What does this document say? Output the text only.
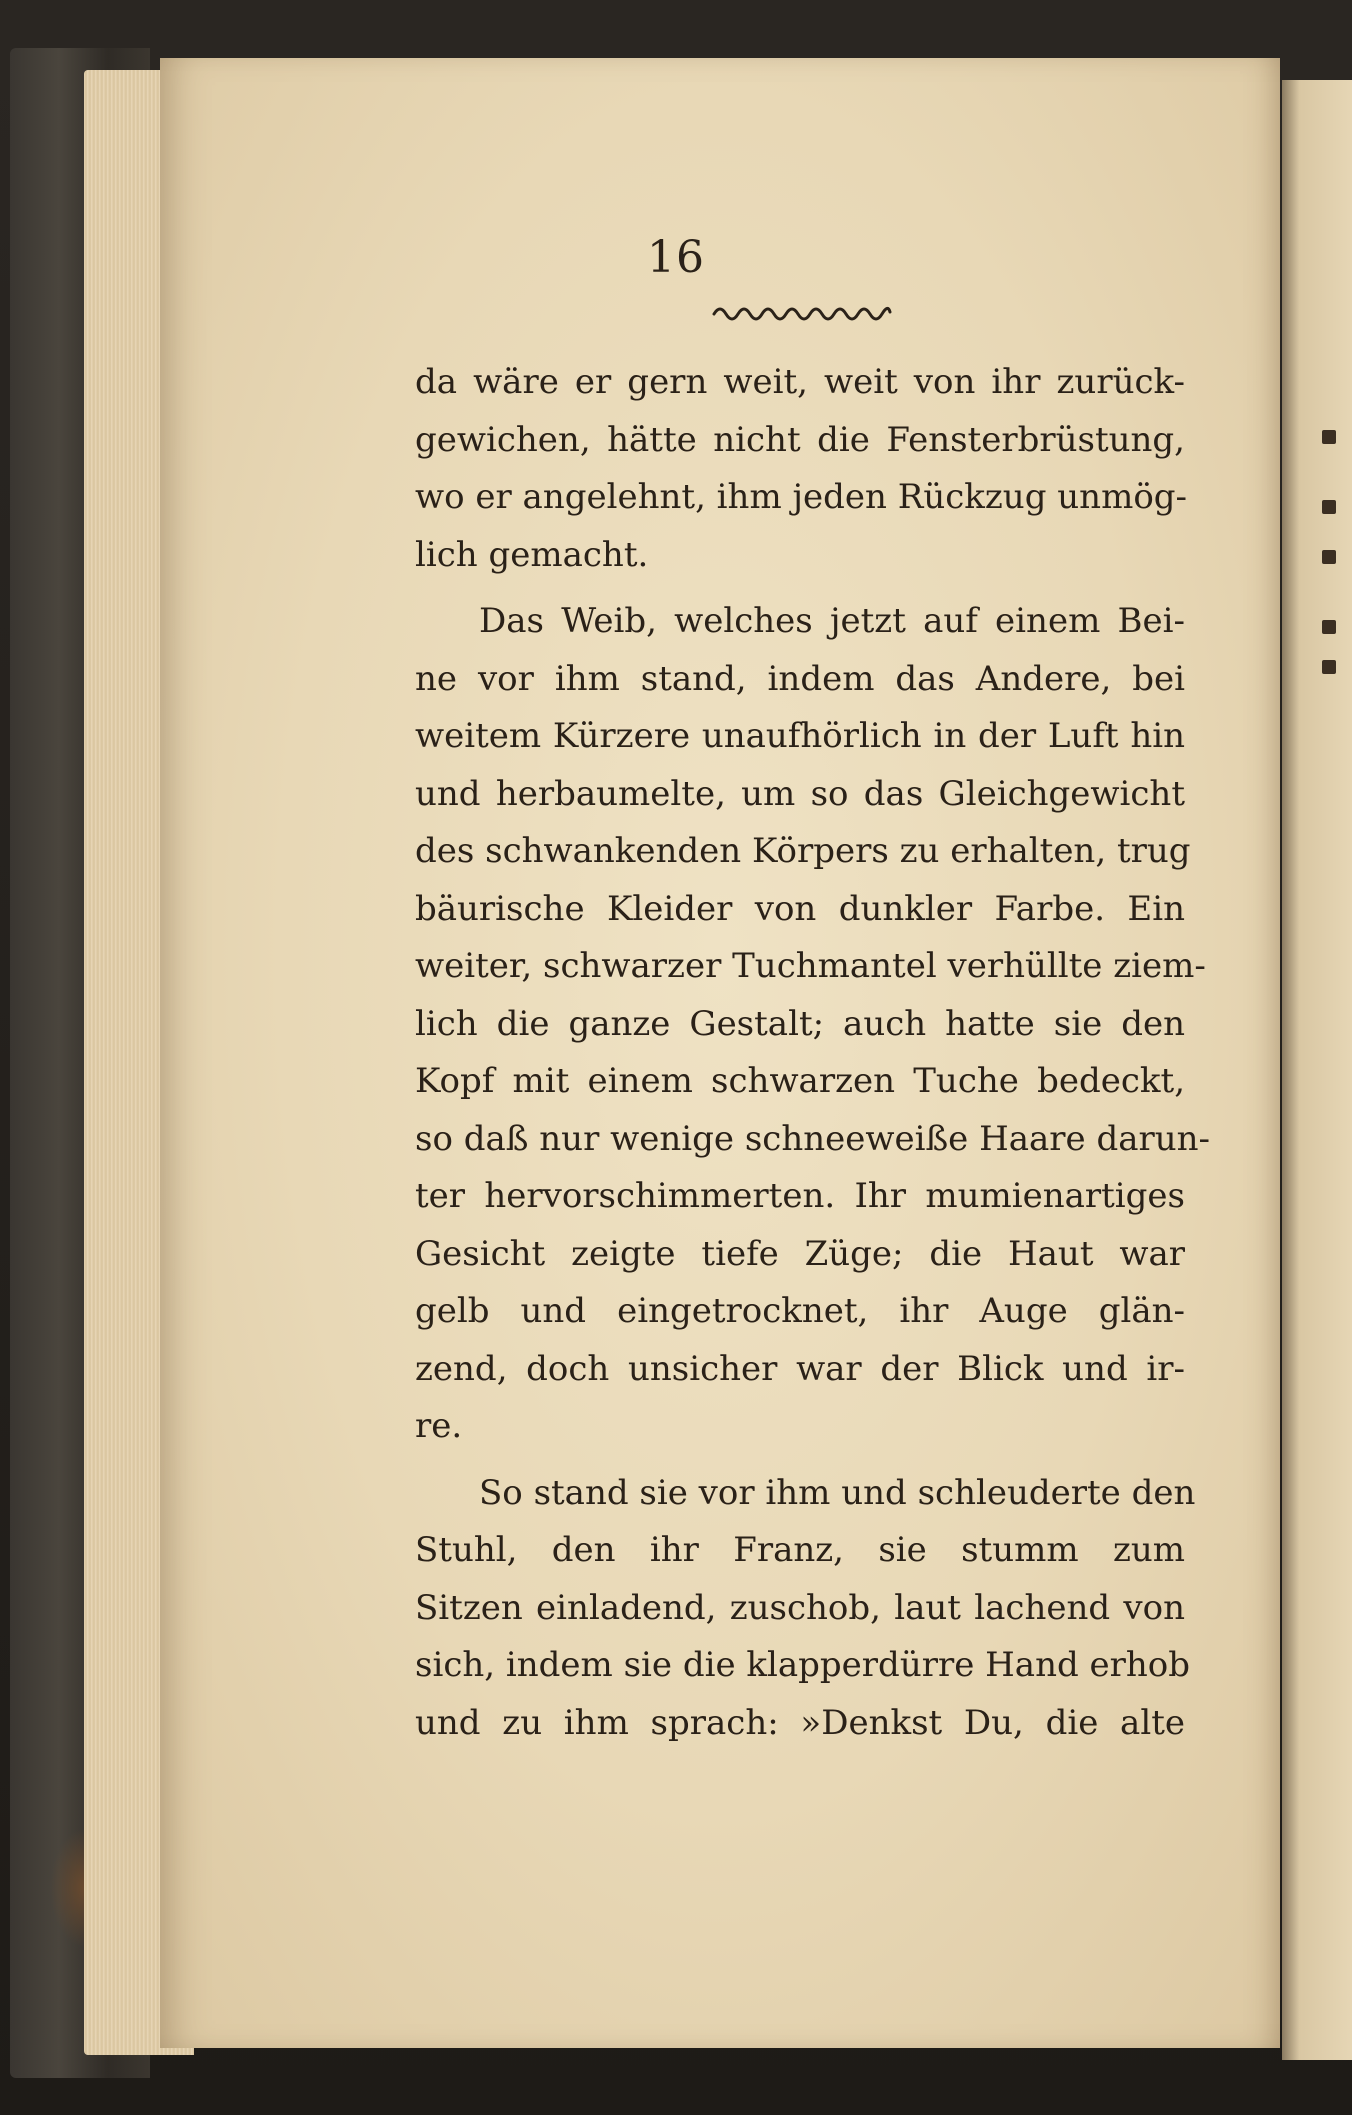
16
da wäre er gern weit, weit von ihr zurück-
gewichen, hätte nicht die Fensterbrüstung,
wo er angelehnt, ihm jeden Rückzug unmög-
lich gemacht.
Das Weib, welches jetzt auf einem Bei-
ne vor ihm stand, indem das Andere, bei
weitem Kürzere unaufhörlich in der Luft hin
und herbaumelte, um so das Gleichgewicht
des schwankenden Körpers zu erhalten, trug
bäurische Kleider von dunkler Farbe. Ein
weiter, schwarzer Tuchmantel verhüllte ziem-
lich die ganze Gestalt; auch hatte sie den
Kopf mit einem schwarzen Tuche bedeckt,
so daß nur wenige schneeweiße Haare darun-
ter hervorschimmerten. Ihr mumienartiges
Gesicht zeigte tiefe Züge; die Haut war
gelb und eingetrocknet, ihr Auge glän-
zend, doch unsicher war der Blick und ir-
re.
So stand sie vor ihm und schleuderte den
Stuhl, den ihr Franz, sie stumm zum
Sitzen einladend, zuschob, laut lachend von
sich, indem sie die klapperdürre Hand erhob
und zu ihm sprach: »Denkst Du, die alte
